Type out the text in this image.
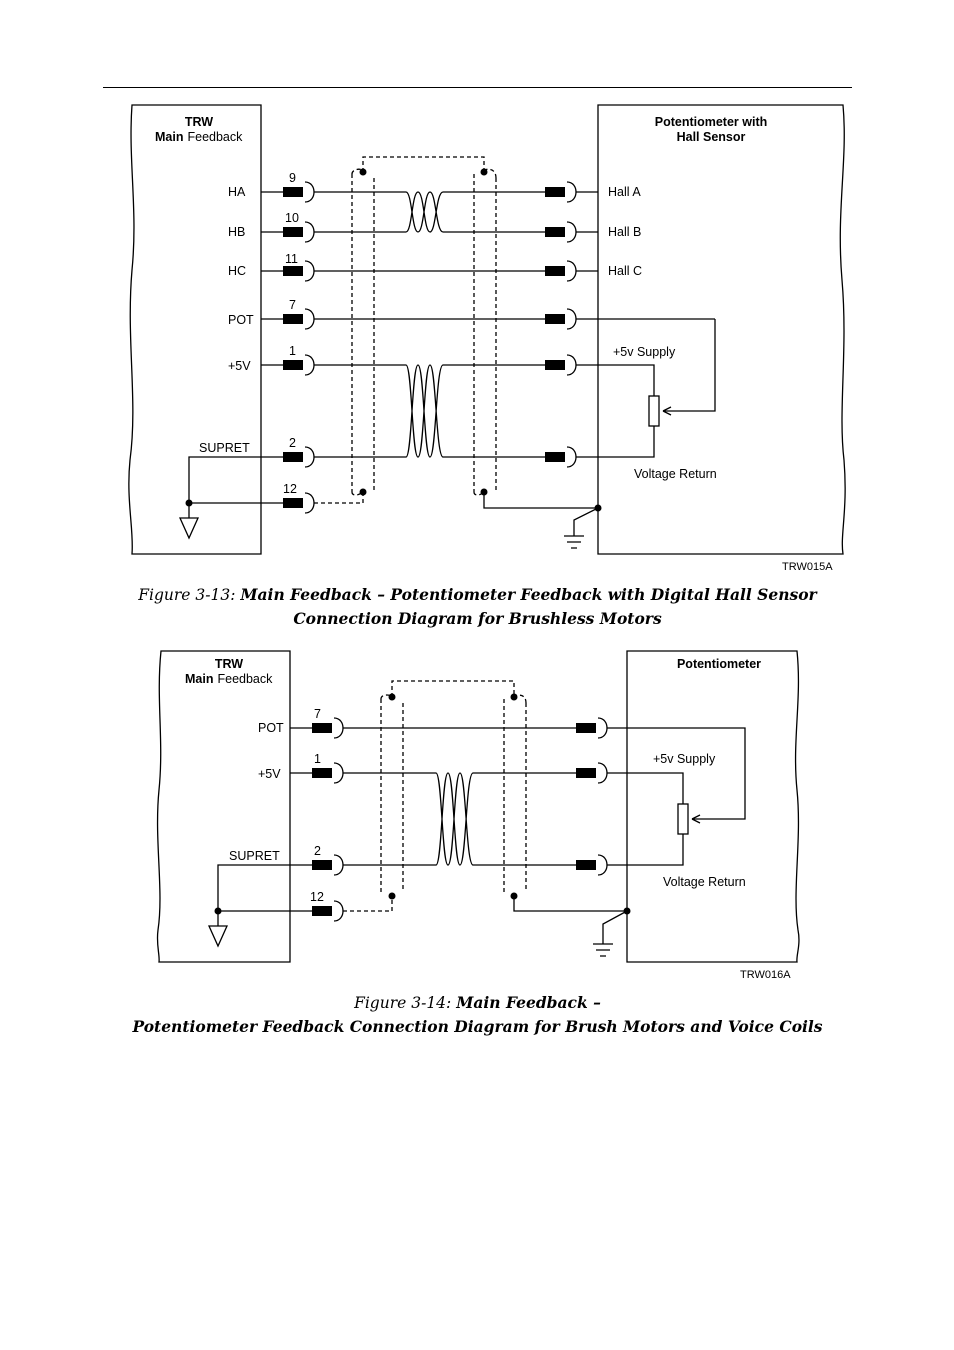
TRW
Main Feedback
Potentiometer with
Hall Sensor
HA
HB
HC
POT
+5V
SUPRET
9
10
11
7
1
2
12
Hall A
Hall B
Hall C
+5v Supply
Voltage Return
TRW015A
TRW
Main Feedback
Potentiometer
POT
+5V
SUPRET
7
1
2
12
+5v Supply
Voltage Return
TRW016A
Figure 3-13: Main Feedback – Potentiometer Feedback with Digital Hall Sensor
Connection Diagram for Brushless Motors
Figure 3-14: Main Feedback –
Potentiometer Feedback Connection Diagram for Brush Motors and Voice Coils
